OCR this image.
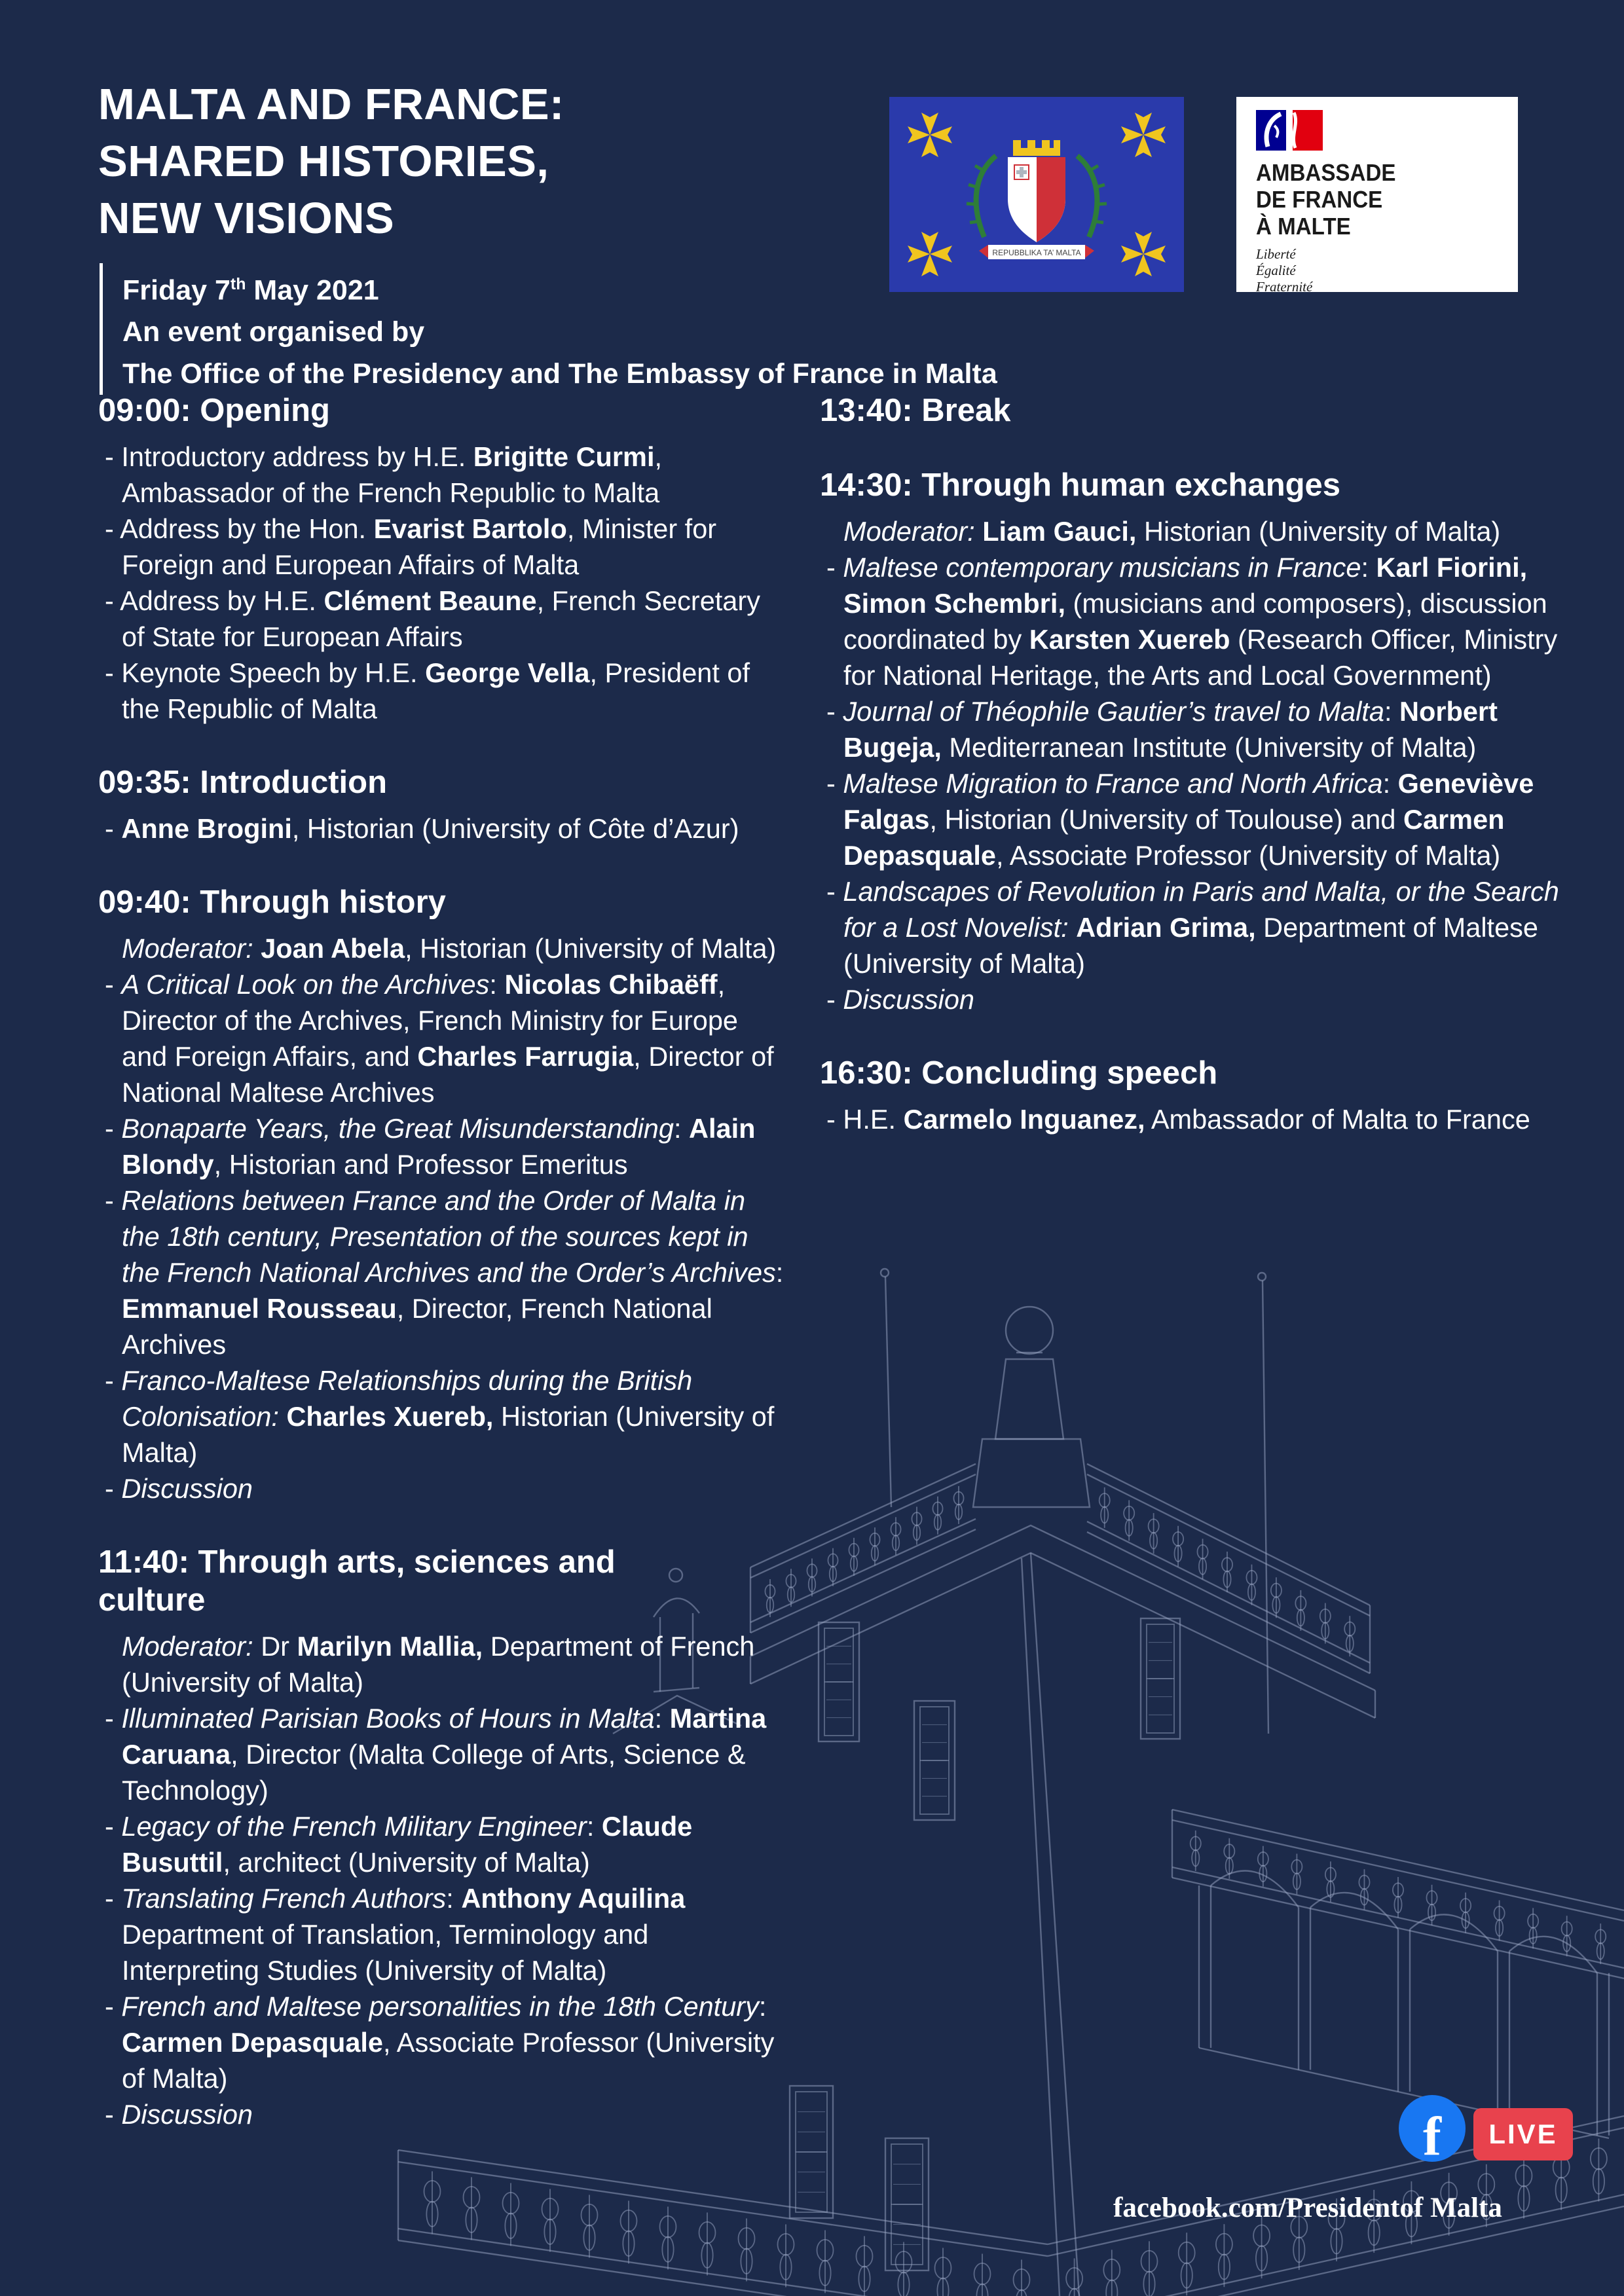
MALTA AND FRANCE:
SHARED HISTORIES,
NEW VISIONS
Friday 7th May 2021
An event organised by
The Office of the Presidency and The Embassy of France in Malta
REPUBBLIKA TA’ MALTA
AMBASSADE
DE FRANCE
À MALTE
Liberté
Égalité
Fraternité
09:00: Opening

- Introductory address by H.E. Brigitte Curmi, Ambassador of the French Republic to Malta

- Address by the Hon. Evarist Bartolo, Minister for Foreign and European Affairs of Malta

- Address by H.E. Clément Beaune, French Secretary of State for European Affairs

- Keynote Speech by H.E. George Vella, President of the Republic of Malta

09:35: Introduction

- Anne Brogini, Historian (University of Côte d’Azur)

09:40: Through history

Moderator: Joan Abela, Historian (University of Malta)

- A Critical Look on the Archives: Nicolas Chibaëff, Director of the Archives, French Ministry for Europe and Foreign Affairs, and Charles Farrugia, Director of National Maltese Archives

- Bonaparte Years, the Great Misunderstanding: Alain Blondy, Historian and Professor Emeritus

- Relations between France and the Order of Malta in the 18th century, Presentation of the sources kept in the French National Archives and the Order’s Archives: Emmanuel Rousseau, Director, French National Archives

- Franco-Maltese Relationships during the British Colonisation: Charles Xuereb, Historian (University of Malta)

- Discussion

11:40: Through arts, sciences and culture

Moderator: Dr Marilyn Mallia, Department of French (University of Malta)

- Illuminated Parisian Books of Hours in Malta: Martina Caruana, Director (Malta College of Arts, Science & Technology)

- Legacy of the French Military Engineer: Claude Busuttil, architect (University of Malta)

- Translating French Authors: Anthony Aquilina Department of Translation, Terminology and Interpreting Studies (University of Malta)

- French and Maltese personalities in the 18th Century: Carmen Depasquale, Associate Professor (University of Malta)

- Discussion

13:40: Break
14:30: Through human exchanges

Moderator: Liam Gauci, Historian (University of Malta)

- Maltese contemporary musicians in France: Karl Fiorini, Simon Schembri, (musicians and composers), discussion coordinated by Karsten Xuereb (Research Officer, Ministry for National Heritage, the Arts and Local Government)

- Journal of Théophile Gautier’s travel to Malta: Norbert Bugeja, Mediterranean Institute (University of Malta)

- Maltese Migration to France and North Africa: Geneviève Falgas, Historian (University of Toulouse) and Carmen Depasquale, Associate Professor (University of Malta)

- Landscapes of Revolution in Paris and Malta, or the Search for a Lost Novelist: Adrian Grima, Department of Maltese (University of Malta)

- Discussion

16:30: Concluding speech

- H.E. Carmelo Inguanez, Ambassador of Malta to France

f	LIVE
facebook.com/Presidentof Malta
